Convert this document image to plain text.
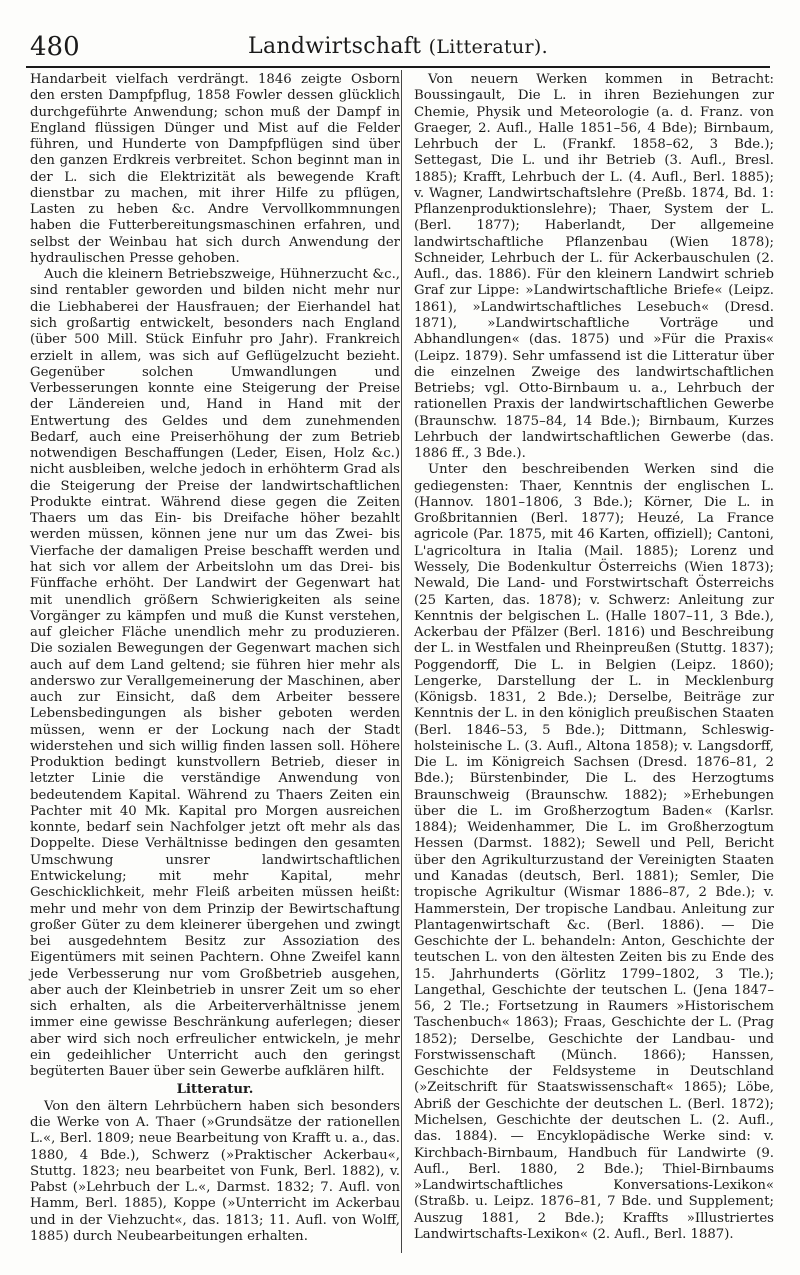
480	Landwirtschaft (Litteratur).

Handarbeit vielfach verdrängt. 1846 zeigte Osborn den ersten Dampfpflug, 1858 Fowler dessen glücklich durchgeführte Anwendung; schon muß der Dampf in England flüssigen Dünger und Mist auf die Felder führen, und Hunderte von Dampfpflügen sind über den ganzen Erdkreis verbreitet. Schon beginnt man in der L. sich die Elektrizität als bewegende Kraft dienstbar zu machen, mit ihrer Hilfe zu pflügen, Lasten zu heben &c. Andre Vervollkommnungen haben die Futterbereitungsmaschinen erfahren, und selbst der Weinbau hat sich durch Anwendung der hydraulischen Presse gehoben.

Auch die kleinern Betriebszweige, Hühnerzucht &c., sind rentabler geworden und bilden nicht mehr nur die Liebhaberei der Hausfrauen; der Eierhandel hat sich großartig entwickelt, besonders nach England (über 500 Mill. Stück Einfuhr pro Jahr). Frankreich erzielt in allem, was sich auf Geflügelzucht bezieht. Gegenüber solchen Umwandlungen und Verbesserungen konnte eine Steigerung der Preise der Ländereien und, Hand in Hand mit der Entwertung des Geldes und dem zunehmenden Bedarf, auch eine Preiserhöhung der zum Betrieb notwendigen Beschaffungen (Leder, Eisen, Holz &c.) nicht ausbleiben, welche jedoch in erhöhterm Grad als die Steigerung der Preise der landwirtschaftlichen Produkte eintrat. Während diese gegen die Zeiten Thaers um das Ein- bis Dreifache höher bezahlt werden müssen, können jene nur um das Zwei- bis Vierfache der damaligen Preise beschafft werden und hat sich vor allem der Arbeitslohn um das Drei- bis Fünffache erhöht. Der Landwirt der Gegenwart hat mit unendlich größern Schwierigkeiten als seine Vorgänger zu kämpfen und muß die Kunst verstehen, auf gleicher Fläche unendlich mehr zu produzieren. Die sozialen Bewegungen der Gegenwart machen sich auch auf dem Land geltend; sie führen hier mehr als anderswo zur Verallgemeinerung der Maschinen, aber auch zur Einsicht, daß dem Arbeiter bessere Lebensbedingungen als bisher geboten werden müssen, wenn er der Lockung nach der Stadt widerstehen und sich willig finden lassen soll. Höhere Produktion bedingt kunstvollern Betrieb, dieser in letzter Linie die verständige Anwendung von bedeutendem Kapital. Während zu Thaers Zeiten ein Pachter mit 40 Mk. Kapital pro Morgen ausreichen konnte, bedarf sein Nachfolger jetzt oft mehr als das Doppelte. Diese Verhältnisse bedingen den gesamten Umschwung unsrer landwirtschaftlichen Entwickelung; mit mehr Kapital, mehr Geschicklichkeit, mehr Fleiß arbeiten müssen heißt: mehr und mehr von dem Prinzip der Bewirtschaftung großer Güter zu dem kleinerer übergehen und zwingt bei ausgedehntem Besitz zur Assoziation des Eigentümers mit seinen Pachtern. Ohne Zweifel kann jede Verbesserung nur vom Großbetrieb ausgehen, aber auch der Kleinbetrieb in unsrer Zeit um so eher sich erhalten, als die Arbeiterverhältnisse jenem immer eine gewisse Beschränkung auferlegen; dieser aber wird sich noch erfreulicher entwickeln, je mehr ein gedeihlicher Unterricht auch den geringst begüterten Bauer über sein Gewerbe aufklären hilft.

Litteratur.

Von den ältern Lehrbüchern haben sich besonders die Werke von A. Thaer (»Grundsätze der rationellen L.«, Berl. 1809; neue Bearbeitung von Krafft u. a., das. 1880, 4 Bde.), Schwerz (»Praktischer Ackerbau«, Stuttg. 1823; neu bearbeitet von Funk, Berl. 1882), v. Pabst (»Lehrbuch der L.«, Darmst. 1832; 7. Aufl. von Hamm, Berl. 1885), Koppe (»Unterricht im Ackerbau und in der Viehzucht«, das. 1813; 11. Aufl. von Wolff, 1885) durch Neubearbeitungen erhalten.

Von neuern Werken kommen in Betracht: Boussingault, Die L. in ihren Beziehungen zur Chemie, Physik und Meteorologie (a. d. Franz. von Graeger, 2. Aufl., Halle 1851–56, 4 Bde); Birnbaum, Lehrbuch der L. (Frankf. 1858–62, 3 Bde.); Settegast, Die L. und ihr Betrieb (3. Aufl., Bresl. 1885); Krafft, Lehrbuch der L. (4. Aufl., Berl. 1885); v. Wagner, Landwirtschaftslehre (Preßb. 1874, Bd. 1: Pflanzenproduktionslehre); Thaer, System der L. (Berl. 1877); Haberlandt, Der allgemeine landwirtschaftliche Pflanzenbau (Wien 1878); Schneider, Lehrbuch der L. für Ackerbauschulen (2. Aufl., das. 1886). Für den kleinern Landwirt schrieb Graf zur Lippe: »Landwirtschaftliche Briefe« (Leipz. 1861), »Landwirtschaftliches Lesebuch« (Dresd. 1871), »Landwirtschaftliche Vorträge und Abhandlungen« (das. 1875) und »Für die Praxis« (Leipz. 1879). Sehr umfassend ist die Litteratur über die einzelnen Zweige des landwirtschaftlichen Betriebs; vgl. Otto-Birnbaum u. a., Lehrbuch der rationellen Praxis der landwirtschaftlichen Gewerbe (Braunschw. 1875–84, 14 Bde.); Birnbaum, Kurzes Lehrbuch der landwirtschaftlichen Gewerbe (das. 1886 ff., 3 Bde.).

Unter den beschreibenden Werken sind die gediegensten: Thaer, Kenntnis der englischen L. (Hannov. 1801–1806, 3 Bde.); Körner, Die L. in Großbritannien (Berl. 1877); Heuzé, La France agricole (Par. 1875, mit 46 Karten, offiziell); Cantoni, L'agricoltura in Italia (Mail. 1885); Lorenz und Wessely, Die Bodenkultur Österreichs (Wien 1873); Newald, Die Land- und Forstwirtschaft Österreichs (25 Karten, das. 1878); v. Schwerz: Anleitung zur Kenntnis der belgischen L. (Halle 1807–11, 3 Bde.), Ackerbau der Pfälzer (Berl. 1816) und Beschreibung der L. in Westfalen und Rheinpreußen (Stuttg. 1837); Poggendorff, Die L. in Belgien (Leipz. 1860); Lengerke, Darstellung der L. in Mecklenburg (Königsb. 1831, 2 Bde.); Derselbe, Beiträge zur Kenntnis der L. in den königlich preußischen Staaten (Berl. 1846–53, 5 Bde.); Dittmann, Schleswig-holsteinische L. (3. Aufl., Altona 1858); v. Langsdorff, Die L. im Königreich Sachsen (Dresd. 1876–81, 2 Bde.); Bürstenbinder, Die L. des Herzogtums Braunschweig (Braunschw. 1882); »Erhebungen über die L. im Großherzogtum Baden« (Karlsr. 1884); Weidenhammer, Die L. im Großherzogtum Hessen (Darmst. 1882); Sewell und Pell, Bericht über den Agrikulturzustand der Vereinigten Staaten und Kanadas (deutsch, Berl. 1881); Semler, Die tropische Agrikultur (Wismar 1886–87, 2 Bde.); v. Hammerstein, Der tropische Landbau. Anleitung zur Plantagenwirtschaft &c. (Berl. 1886). — Die Geschichte der L. behandeln: Anton, Geschichte der teutschen L. von den ältesten Zeiten bis zu Ende des 15. Jahrhunderts (Görlitz 1799–1802, 3 Tle.); Langethal, Geschichte der teutschen L. (Jena 1847–56, 2 Tle.; Fortsetzung in Raumers »Historischem Taschenbuch« 1863); Fraas, Geschichte der L. (Prag 1852); Derselbe, Geschichte der Landbau- und Forstwissenschaft (Münch. 1866); Hanssen, Geschichte der Feldsysteme in Deutschland (»Zeitschrift für Staatswissenschaft« 1865); Löbe, Abriß der Geschichte der deutschen L. (Berl. 1872); Michelsen, Geschichte der deutschen L. (2. Aufl., das. 1884). — Encyklopädische Werke sind: v. Kirchbach-Birnbaum, Handbuch für Landwirte (9. Aufl., Berl. 1880, 2 Bde.); Thiel-Birnbaums »Landwirtschaftliches Konversations-Lexikon« (Straßb. u. Leipz. 1876–81, 7 Bde. und Supplement; Auszug 1881, 2 Bde.); Kraffts »Illustriertes Landwirtschafts-Lexikon« (2. Aufl., Berl. 1887).
